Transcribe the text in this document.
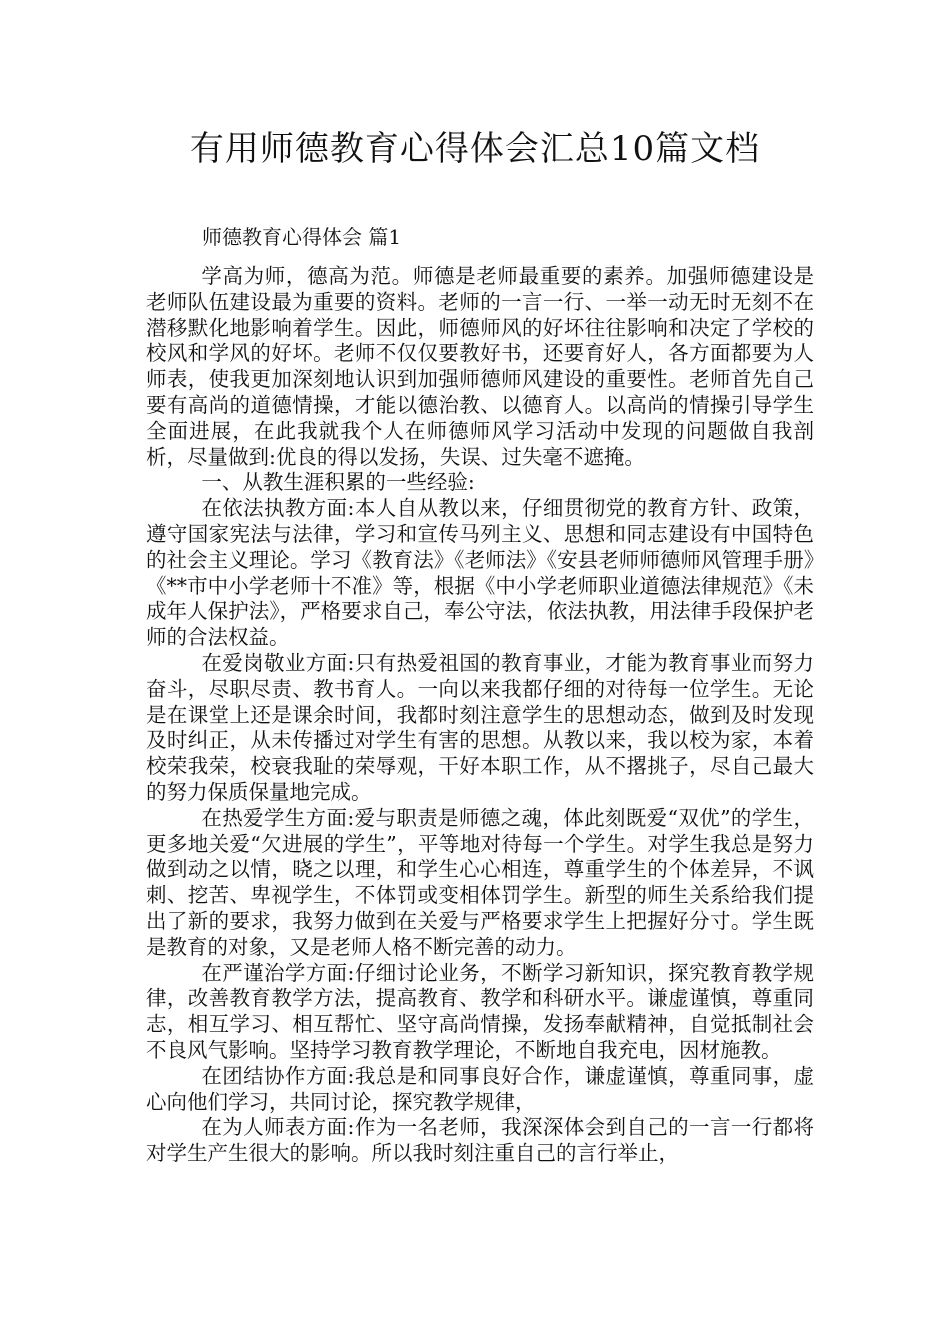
有用师德教育心得体会汇总10篇文档
师德教育心得体会 篇1

学高为师，德高为范。师德是老师最重要的素养。加强师德建设是老师队伍建设最为重要的资料。老师的一言一行、一举一动无时无刻不在潜移默化地影响着学生。因此，师德师风的好坏往往影响和决定了学校的校风和学风的好坏。老师不仅仅要教好书，还要育好人，各方面都要为人师表，使我更加深刻地认识到加强师德师风建设的重要性。老师首先自己要有高尚的道德情操，才能以德治教、以德育人。以高尚的情操引导学生全面进展，在此我就我个人在师德师风学习活动中发现的问题做自我剖析，尽量做到:优良的得以发扬，失误、过失毫不遮掩。

一、从教生涯积累的一些经验:

在依法执教方面:本人自从教以来，仔细贯彻党的教育方针、政策，遵守国家宪法与法律，学习和宣传马列主义、思想和同志建设有中国特色的社会主义理论。学习《教育法》《老师法》《安县老师师德师风管理手册》《**市中小学老师十不准》等，根据《中小学老师职业道德法律规范》《未成年人保护法》，严格要求自己，奉公守法，依法执教，用法律手段保护老师的合法权益。

在爱岗敬业方面:只有热爱祖国的教育事业，才能为教育事业而努力奋斗，尽职尽责、教书育人。一向以来我都仔细的对待每一位学生。无论是在课堂上还是课余时间，我都时刻注意学生的思想动态，做到及时发现及时纠正，从未传播过对学生有害的思想。从教以来，我以校为家，本着校荣我荣，校衰我耻的荣辱观，干好本职工作，从不撂挑子，尽自己最大的努力保质保量地完成。

在热爱学生方面:爱与职责是师德之魂，体此刻既爱“双优”的学生，更多地关爱“欠进展的学生”，平等地对待每一个学生。对学生我总是努力做到动之以情，晓之以理，和学生心心相连，尊重学生的个体差异，不讽刺、挖苦、卑视学生，不体罚或变相体罚学生。新型的师生关系给我们提出了新的要求，我努力做到在关爱与严格要求学生上把握好分寸。学生既是教育的对象，又是老师人格不断完善的动力。

在严谨治学方面:仔细讨论业务，不断学习新知识，探究教育教学规律，改善教育教学方法，提高教育、教学和科研水平。谦虚谨慎，尊重同志，相互学习、相互帮忙、坚守高尚情操，发扬奉献精神，自觉抵制社会不良风气影响。坚持学习教育教学理论，不断地自我充电，因材施教。

在团结协作方面:我总是和同事良好合作，谦虚谨慎，尊重同事，虚心向他们学习，共同讨论，探究教学规律，

在为人师表方面:作为一名老师，我深深体会到自己的一言一行都将对学生产生很大的影响。所以我时刻注重自己的言行举止，
